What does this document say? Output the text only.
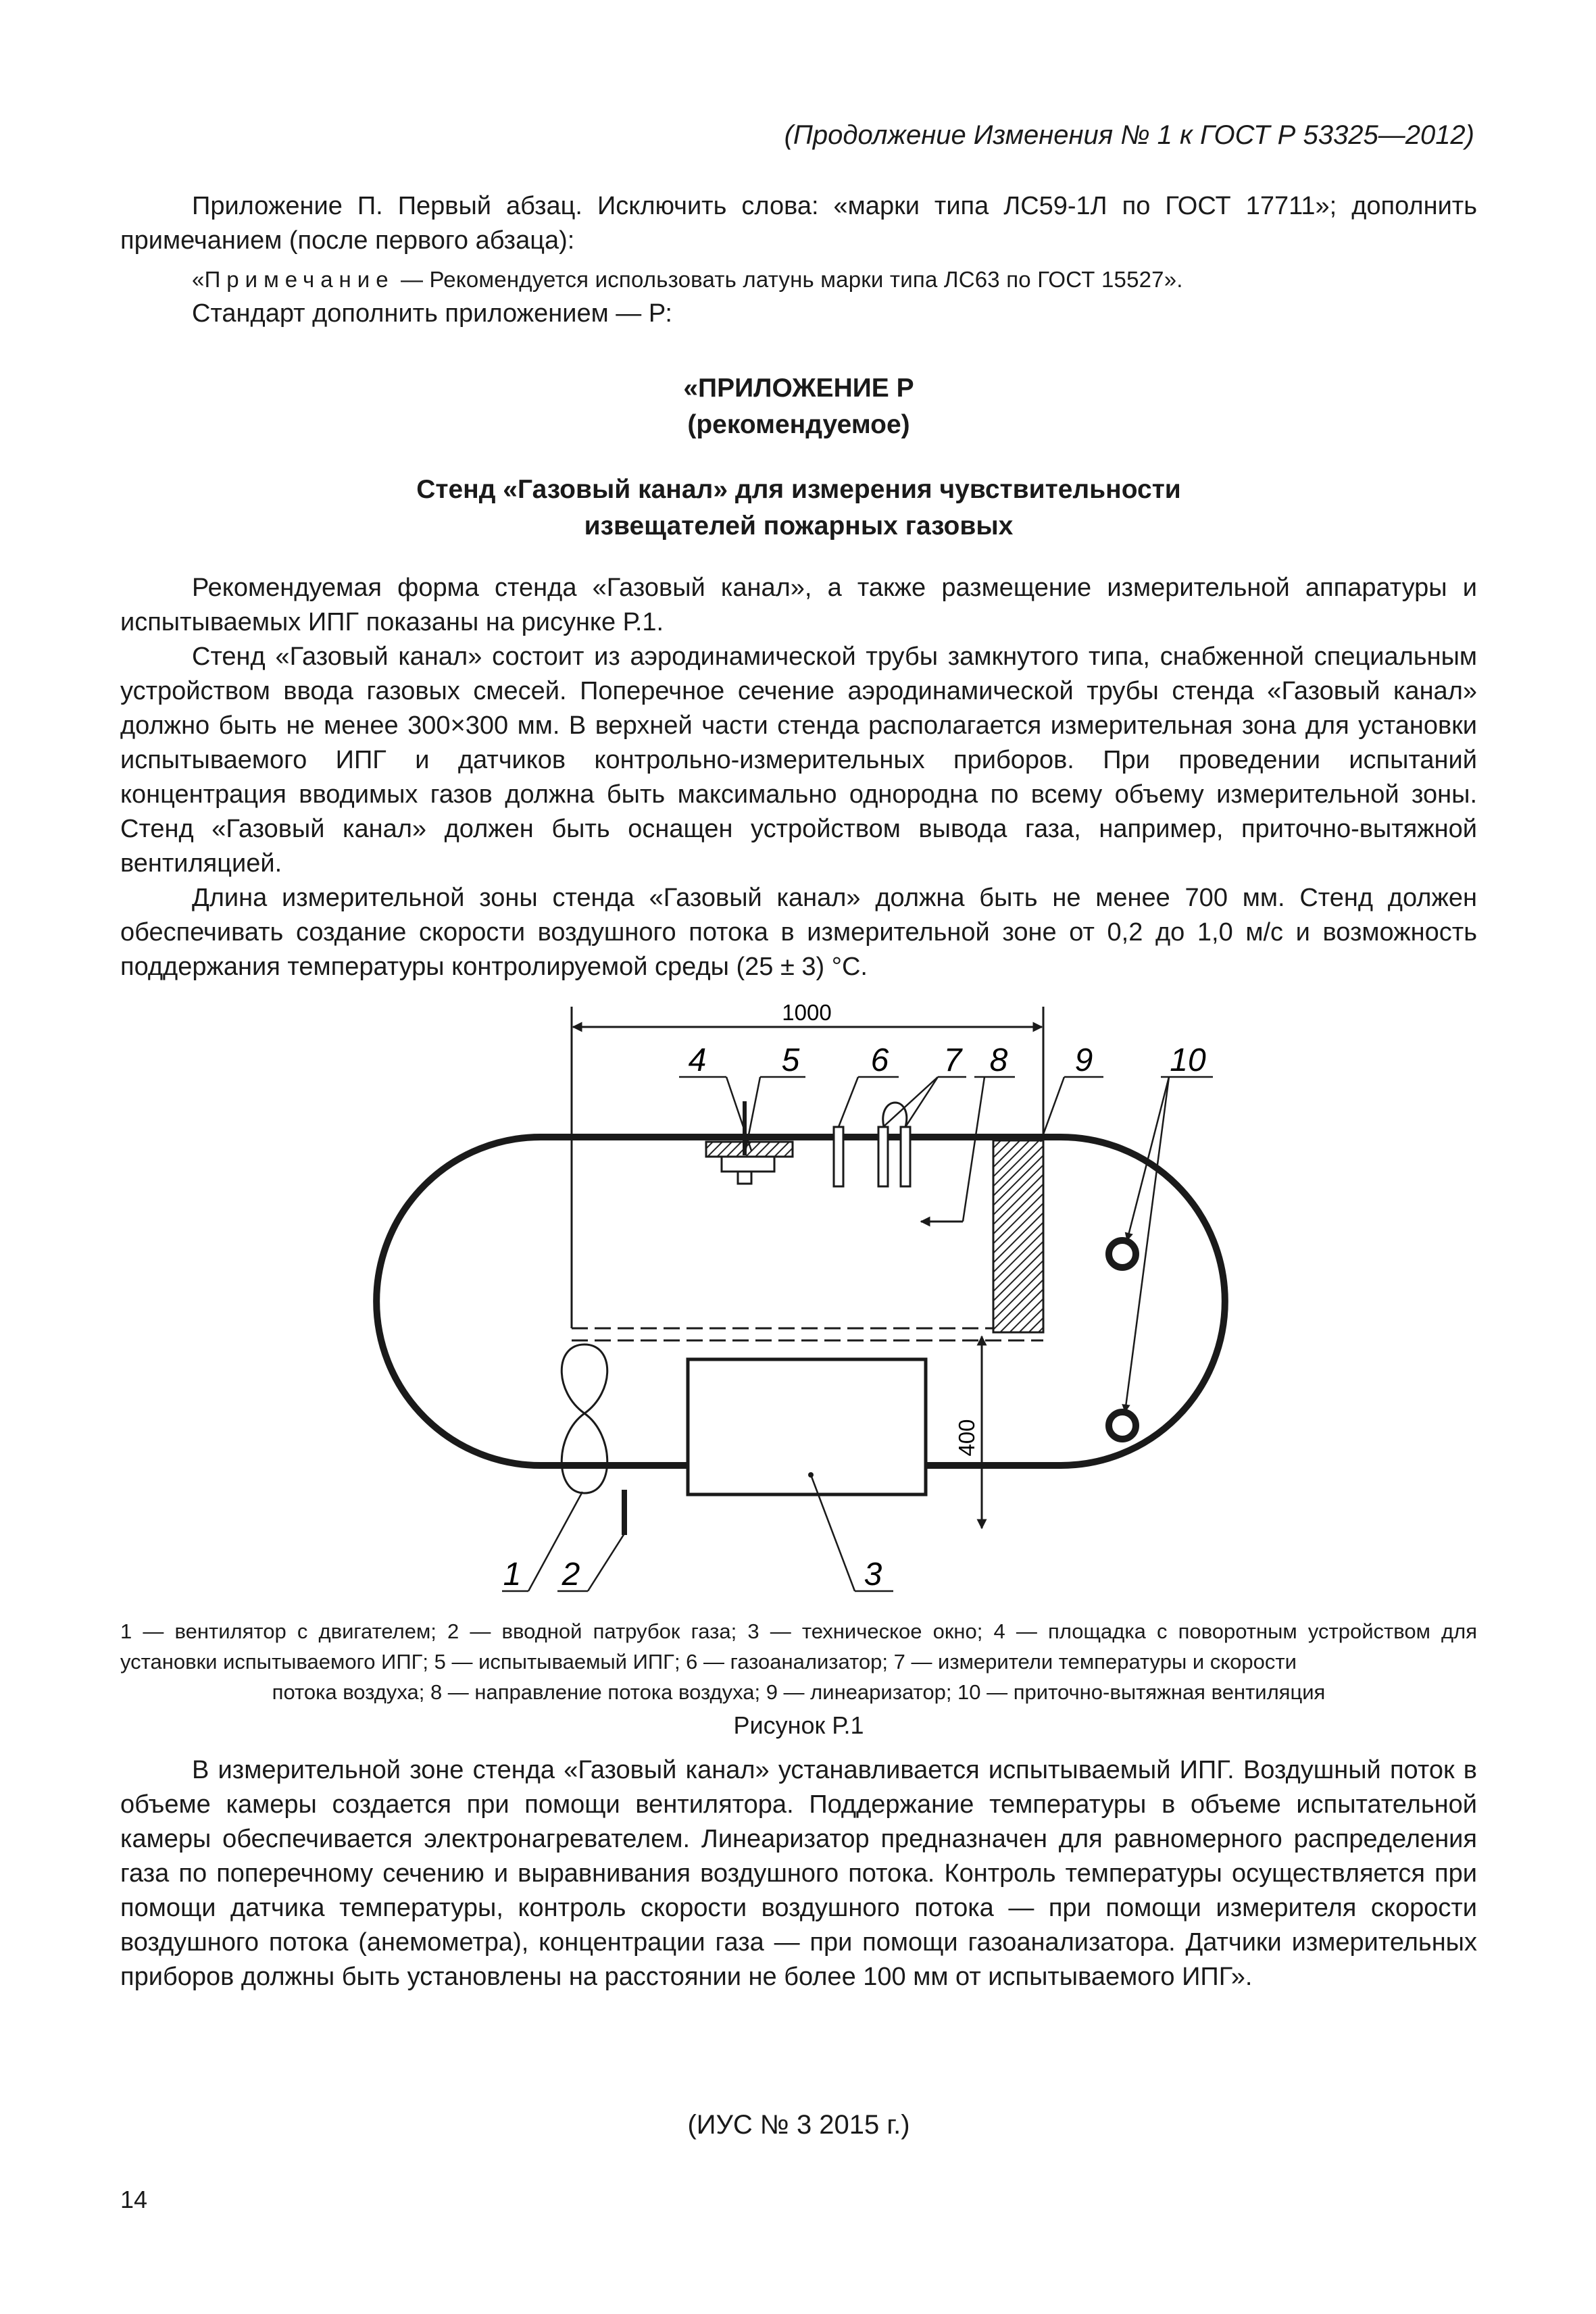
(Продолжение Изменения № 1 к ГОСТ Р 53325—2012)

Приложение П. Первый абзац. Исключить слова: «марки типа ЛС59-1Л по ГОСТ 17711»; дополнить примечанием (после первого абзаца):

«Примечание — Рекомендуется использовать латунь марки типа ЛС63 по ГОСТ 15527».

Стандарт дополнить приложением — Р:

«ПРИЛОЖЕНИЕ Р
(рекомендуемое)
Стенд «Газовый канал» для измерения чувствительности
извещателей пожарных газовых

Рекомендуемая форма стенда «Газовый канал», а также размещение измерительной аппаратуры и испытываемых ИПГ показаны на рисунке Р.1.

Стенд «Газовый канал» состоит из аэродинамической трубы замкнутого типа, снабженной специальным устройством ввода газовых смесей. Поперечное сечение аэродинамической трубы стенда «Газовый канал» должно быть не менее 300×300 мм. В верхней части стенда располагается измерительная зона для установки испытываемого ИПГ и датчиков контрольно-измерительных приборов. При проведении испытаний концентрация вводимых газов должна быть максимально однородна по всему объему измерительной зоны. Стенд «Газовый канал» должен быть оснащен устройством вывода газа, например, приточно-вытяжной вентиляцией.

Длина измерительной зоны стенда «Газовый канал» должна быть не менее 700 мм. Стенд должен обеспечивать создание скорости воздушного потока в измерительной зоне от 0,2 до 1,0 м/с и возможность поддержания температуры контролируемой среды (25 ± 3) °С.

1000
400
4 5 6 7 8 9 10
1 2	3
1 — вентилятор с двигателем; 2 — вводной патрубок газа; 3 — техническое окно; 4 — площадка с поворотным устройством для установки испытываемого ИПГ; 5 — испытываемый ИПГ; 6 — газоанализатор; 7 — измерители температуры и скорости
потока воздуха; 8 — направление потока воздуха; 9 — линеаризатор; 10 — приточно-вытяжная вентиляция
Рисунок Р.1

В измерительной зоне стенда «Газовый канал» устанавливается испытываемый ИПГ. Воздушный поток в объеме камеры создается при помощи вентилятора. Поддержание температуры в объеме испытательной камеры обеспечивается электронагревателем. Линеаризатор предназначен для равномерного распределения газа по поперечному сечению и выравнивания воздушного потока. Контроль температуры осуществляется при помощи датчика температуры, контроль скорости воздушного потока — при помощи измерителя скорости воздушного потока (анемометра), концентрации газа — при помощи газоанализатора. Датчики измерительных приборов должны быть установлены на расстоянии не более 100 мм от испытываемого ИПГ».

(ИУС № 3 2015 г.)
14
